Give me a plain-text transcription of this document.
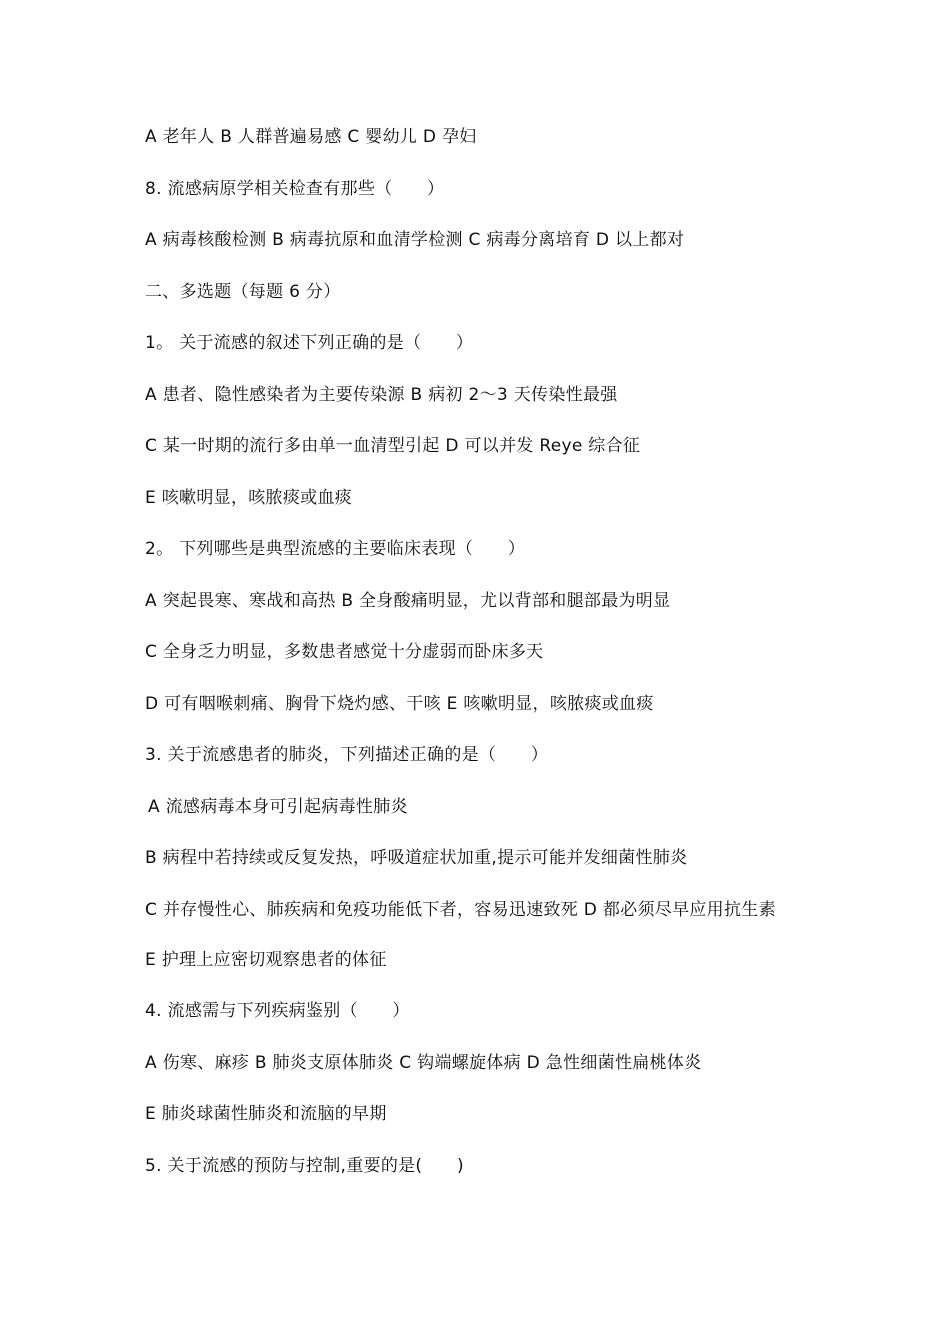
A 老年人 B 人群普遍易感 C 婴幼儿 D 孕妇

8. 流感病原学相关检查有那些（　　）

A 病毒核酸检测 B 病毒抗原和血清学检测 C 病毒分离培育 D 以上都对

二、多选题（每题 6 分）

1。 关于流感的叙述下列正确的是（　　）

A 患者、隐性感染者为主要传染源 B 病初 2～3 天传染性最强

C 某一时期的流行多由单一血清型引起 D 可以并发 Reye 综合征

E 咳嗽明显，咳脓痰或血痰

2。 下列哪些是典型流感的主要临床表现（　　）

A 突起畏寒、寒战和高热 B 全身酸痛明显，尤以背部和腿部最为明显

C 全身乏力明显，多数患者感觉十分虚弱而卧床多天

D 可有咽喉刺痛、胸骨下烧灼感、干咳 E 咳嗽明显，咳脓痰或血痰

3. 关于流感患者的肺炎，下列描述正确的是（　　）

A 流感病毒本身可引起病毒性肺炎

B 病程中若持续或反复发热，呼吸道症状加重,提示可能并发细菌性肺炎

C 并存慢性心、肺疾病和免疫功能低下者，容易迅速致死 D 都必须尽早应用抗生素

E 护理上应密切观察患者的体征

4. 流感需与下列疾病鉴别（　　）

A 伤寒、麻疹 B 肺炎支原体肺炎 C 钩端螺旋体病 D 急性细菌性扁桃体炎

E 肺炎球菌性肺炎和流脑的早期

5. 关于流感的预防与控制,重要的是(　　)
